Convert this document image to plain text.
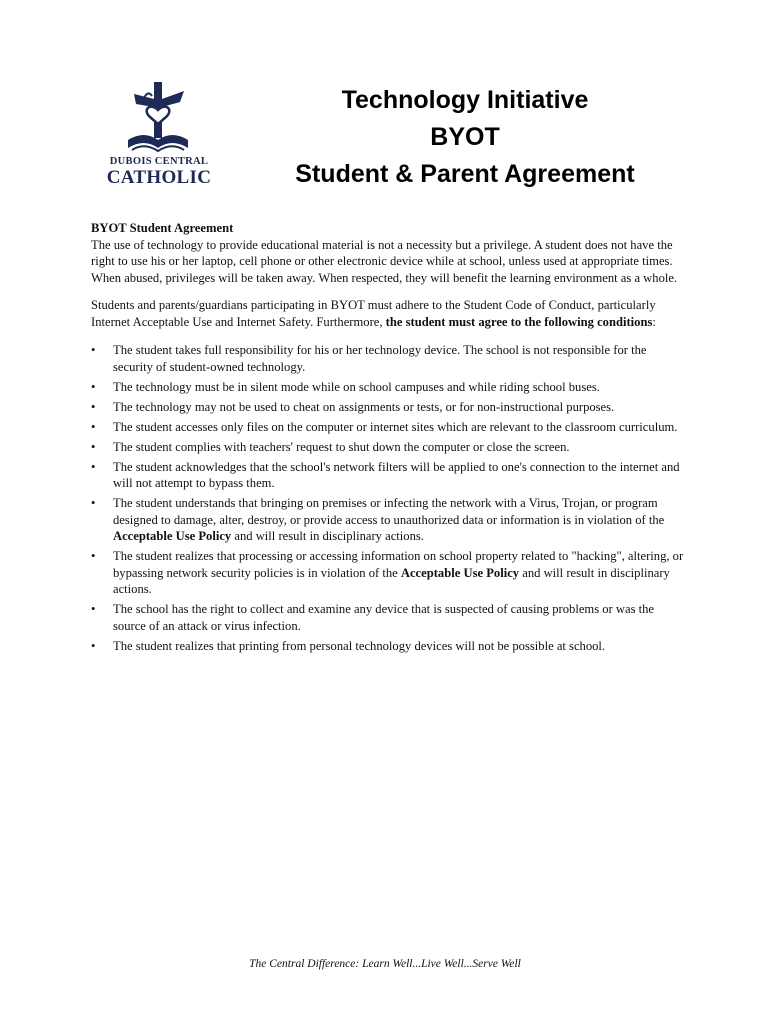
DUBOIS CENTRAL
CATHOLIC
Technology Initiative
BYOT
Student & Parent Agreement
BYOT Student Agreement

The use of technology to provide educational material is not a necessity but a privilege. A student does not have the right to use his or her laptop, cell phone or other electronic device while at school, unless used at appropriate times. When abused, privileges will be taken away. When respected, they will benefit the learning environment as a whole.

Students and parents/guardians participating in BYOT must adhere to the Student Code of Conduct, particularly Internet Acceptable Use and Internet Safety. Furthermore, the student must agree to the following conditions:

• The student takes full responsibility for his or her technology device. The school is not responsible for the security of student-owned technology.
• The technology must be in silent mode while on school campuses and while riding school buses.
• The technology may not be used to cheat on assignments or tests, or for non-instructional purposes.
• The student accesses only files on the computer or internet sites which are relevant to the classroom curriculum.
• The student complies with teachers' request to shut down the computer or close the screen.
• The student acknowledges that the school's network filters will be applied to one's connection to the internet and will not attempt to bypass them.
• The student understands that bringing on premises or infecting the network with a Virus, Trojan, or program designed to damage, alter, destroy, or provide access to unauthorized data or information is in violation of the Acceptable Use Policy and will result in disciplinary actions.
• The student realizes that processing or accessing information on school property related to "hacking", altering, or bypassing network security policies is in violation of the Acceptable Use Policy and will result in disciplinary actions.
• The school has the right to collect and examine any device that is suspected of causing problems or was the source of an attack or virus infection.
• The student realizes that printing from personal technology devices will not be possible at school.
The Central Difference: Learn Well...Live Well...Serve Well
